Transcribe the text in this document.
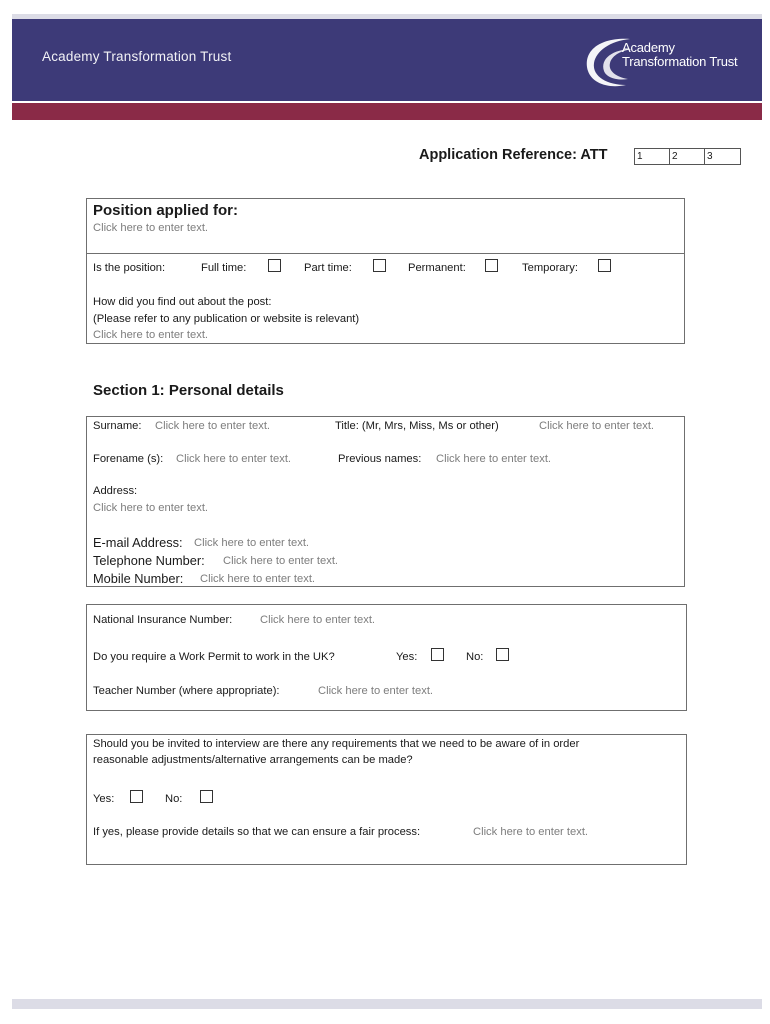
Academy Transformation Trust
Academy
Transformation Trust
Application Reference: ATT	1	2	3
Position applied for:
Click here to enter text.
Is the position:	Full time:	Part time:	Permanent:	Temporary:
How did you find out about the post:
(Please refer to any publication or website is relevant)
Click here to enter text.
Section 1: Personal details
Surname: Click here to enter text.	Title: (Mr, Mrs, Miss, Ms or other)	Click here to enter text.
Forename (s): Click here to enter text.	Previous names: Click here to enter text.
Address:
Click here to enter text.
E-mail Address: Click here to enter text.
Telephone Number: Click here to enter text.
Mobile Number: Click here to enter text.
National Insurance Number: Click here to enter text.
Do you require a Work Permit to work in the UK?	Yes:	No:
Teacher Number (where appropriate):	Click here to enter text.
Should you be invited to interview are there any requirements that we need to be aware of in order
reasonable adjustments/alternative arrangements can be made?
Yes:	No:
If yes, please provide details so that we can ensure a fair process:	Click here to enter text.
